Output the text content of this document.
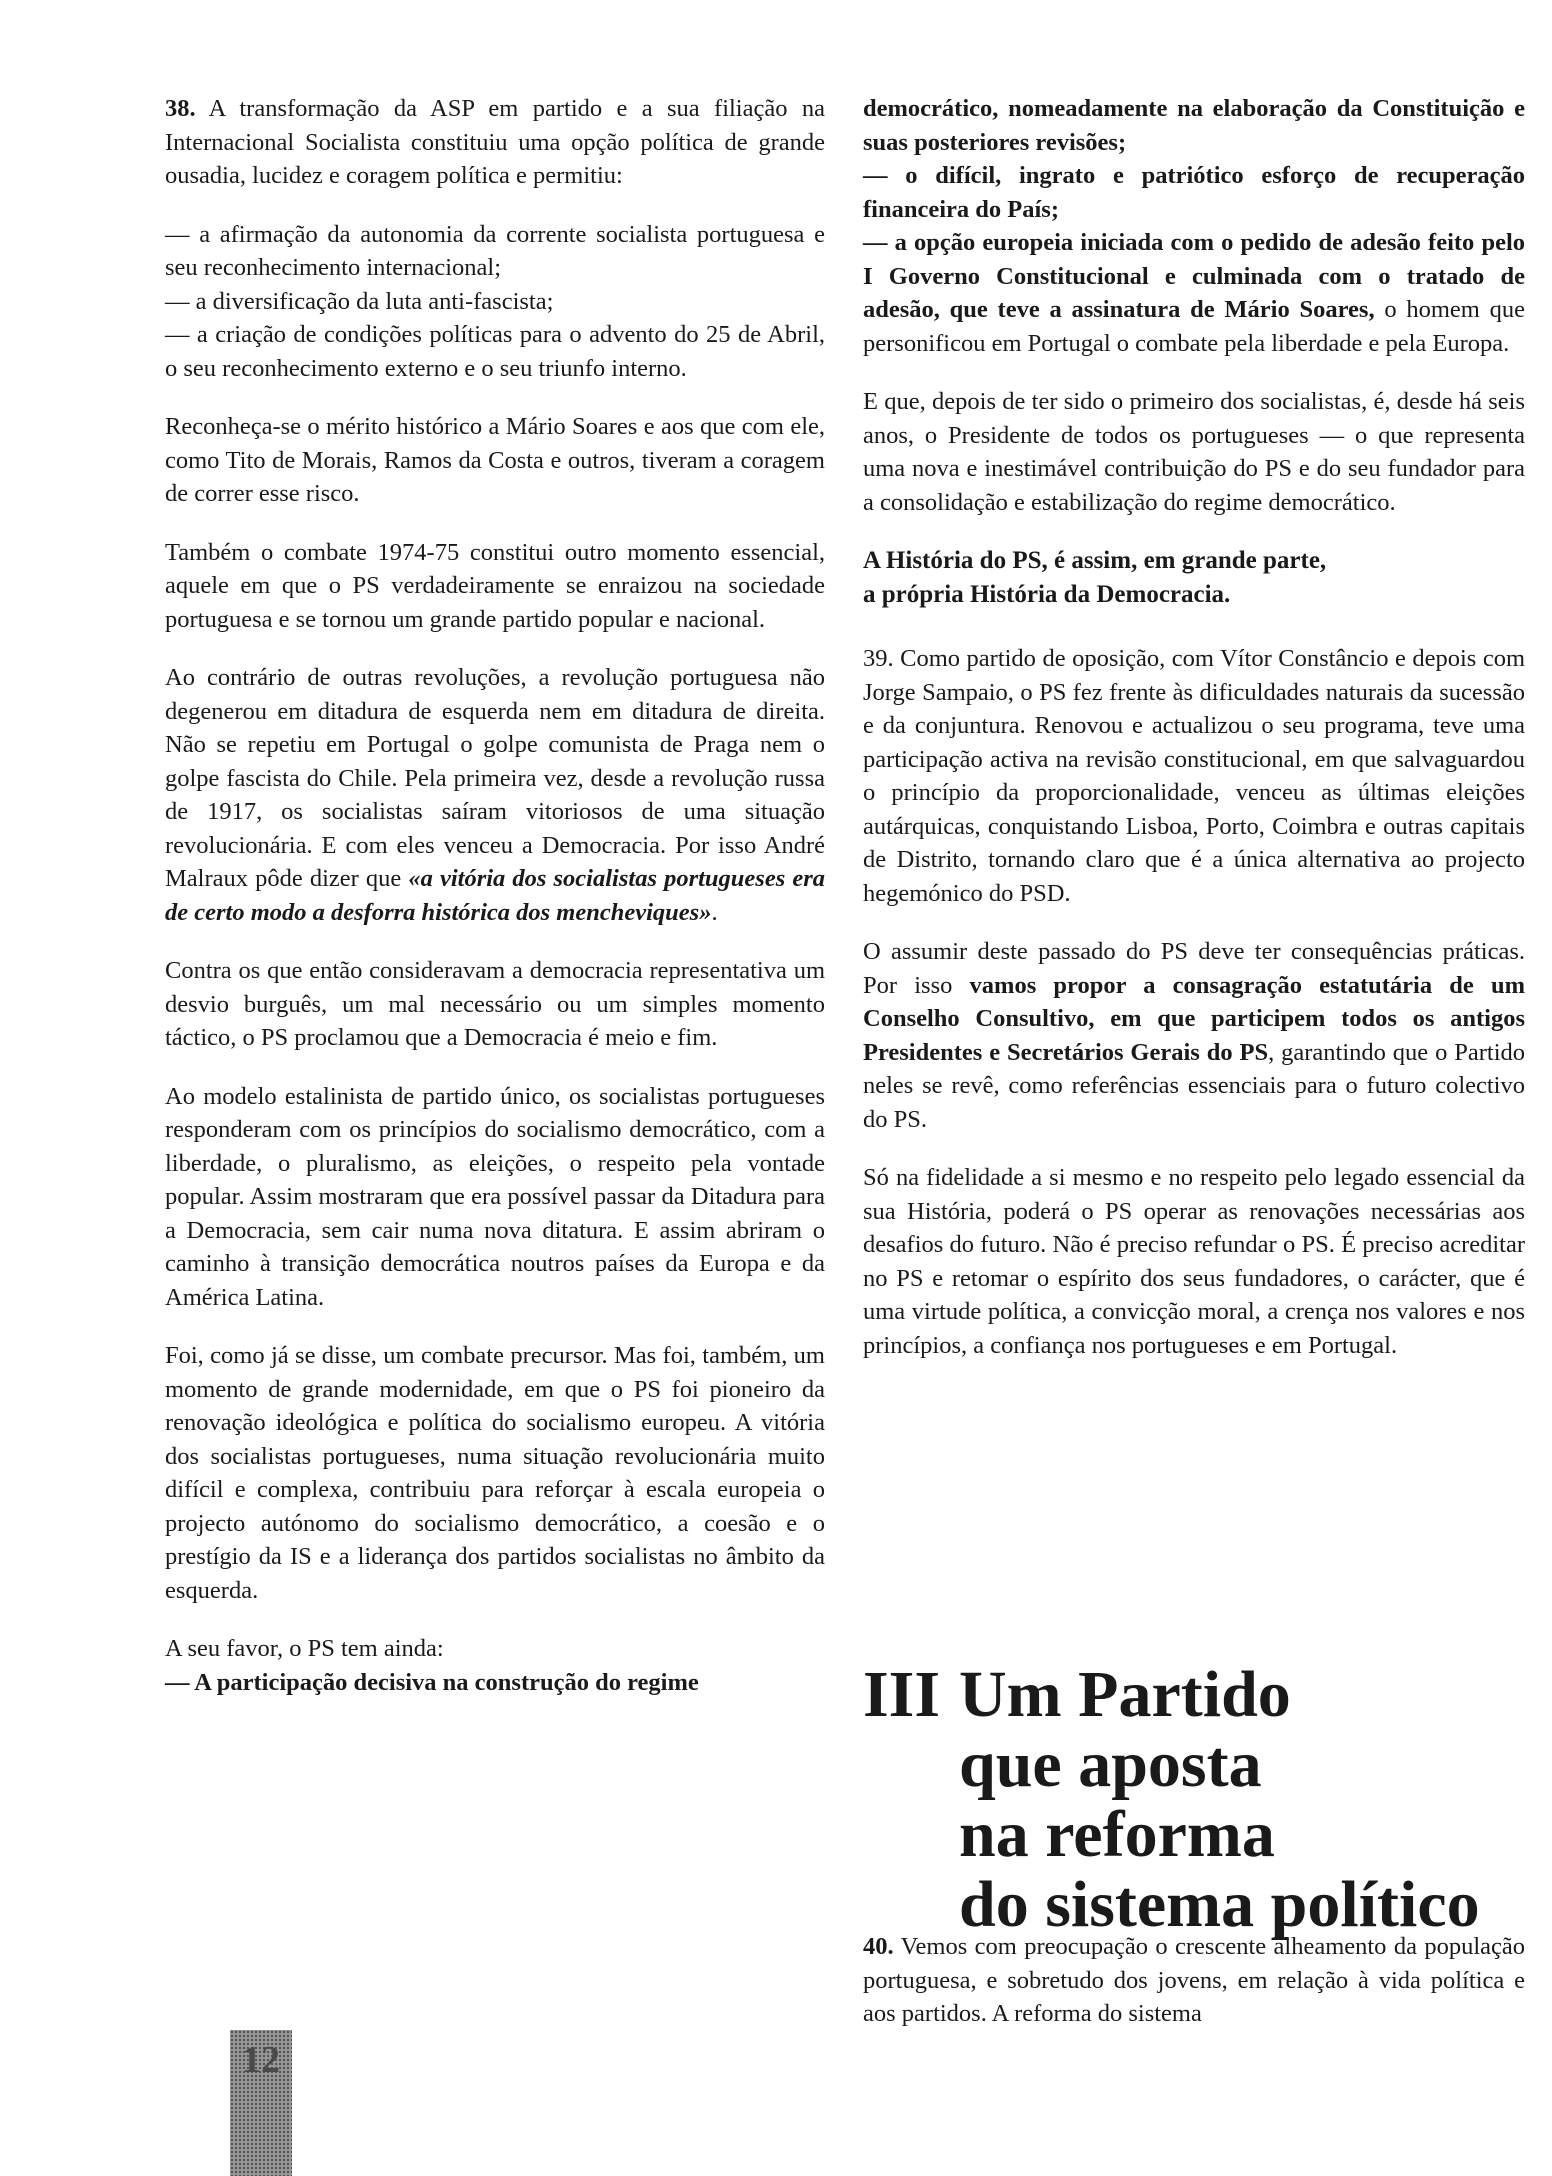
38. A transformação da ASP em partido e a sua filiação na Internacional Socialista constituiu uma opção política de grande ousadia, lucidez e coragem política e permitiu:

— a afirmação da autonomia da corrente socialista portuguesa e seu reconhecimento internacional;

— a diversificação da luta anti-fascista;

— a criação de condições políticas para o advento do 25 de Abril, o seu reconhecimento externo e o seu triunfo interno.

Reconheça-se o mérito histórico a Mário Soares e aos que com ele, como Tito de Morais, Ramos da Costa e outros, tiveram a coragem de correr esse risco.

Também o combate 1974-75 constitui outro momento essencial, aquele em que o PS verdadeiramente se enraizou na sociedade portuguesa e se tornou um grande partido popular e nacional.

Ao contrário de outras revoluções, a revolução portuguesa não degenerou em ditadura de esquerda nem em ditadura de direita. Não se repetiu em Portugal o golpe comunista de Praga nem o golpe fascista do Chile. Pela primeira vez, desde a revolução russa de 1917, os socialistas saíram vitoriosos de uma situação revolucionária. E com eles venceu a Democracia. Por isso André Malraux pôde dizer que «a vitória dos socialistas portugueses era de certo modo a desforra histórica dos mencheviques».

Contra os que então consideravam a democracia representativa um desvio burguês, um mal necessário ou um simples momento táctico, o PS proclamou que a Democracia é meio e fim.

Ao modelo estalinista de partido único, os socialistas portugueses responderam com os princípios do socialismo democrático, com a liberdade, o pluralismo, as eleições, o respeito pela vontade popular. Assim mostraram que era possível passar da Ditadura para a Democracia, sem cair numa nova ditatura. E assim abriram o caminho à transição democrática noutros países da Europa e da América Latina.

Foi, como já se disse, um combate precursor. Mas foi, também, um momento de grande modernidade, em que o PS foi pioneiro da renovação ideológica e política do socialismo europeu. A vitória dos socialistas portugueses, numa situação revolucionária muito difícil e complexa, contribuiu para reforçar à escala europeia o projecto autónomo do socialismo democrático, a coesão e o prestígio da IS e a liderança dos partidos socialistas no âmbito da esquerda.

A seu favor, o PS tem ainda:

— A participação decisiva na construção do regime

democrático, nomeadamente na elaboração da Constituição e suas posteriores revisões;

— o difícil, ingrato e patriótico esforço de recuperação financeira do País;

— a opção europeia iniciada com o pedido de adesão feito pelo I Governo Constitucional e culminada com o tratado de adesão, que teve a assinatura de Mário Soares, o homem que personificou em Portugal o combate pela liberdade e pela Europa.

E que, depois de ter sido o primeiro dos socialistas, é, desde há seis anos, o Presidente de todos os portugueses — o que representa uma nova e inestimável contribuição do PS e do seu fundador para a consolidação e estabilização do regime democrático.

A História do PS, é assim, em grande parte,
a própria História da Democracia.

39. Como partido de oposição, com Vítor Constâncio e depois com Jorge Sampaio, o PS fez frente às dificuldades naturais da sucessão e da conjuntura. Renovou e actualizou o seu programa, teve uma participação activa na revisão constitucional, em que salvaguardou o princípio da proporcionalidade, venceu as últimas eleições autárquicas, conquistando Lisboa, Porto, Coimbra e outras capitais de Distrito, tornando claro que é a única alternativa ao projecto hegemónico do PSD.

O assumir deste passado do PS deve ter consequências práticas. Por isso vamos propor a consagração estatutária de um Conselho Consultivo, em que participem todos os antigos Presidentes e Secretários Gerais do PS, garantindo que o Partido neles se revê, como referências essenciais para o futuro colectivo do PS.

Só na fidelidade a si mesmo e no respeito pelo legado essencial da sua História, poderá o PS operar as renovações necessárias aos desafios do futuro. Não é preciso refundar o PS. É preciso acreditar no PS e retomar o espírito dos seus fundadores, o carácter, que é uma virtude política, a convicção moral, a crença nos valores e nos princípios, a confiança nos portugueses e em Portugal.

III Um Partido
que aposta
na reforma
do sistema político

40. Vemos com preocupação o crescente alheamento da população portuguesa, e sobretudo dos jovens, em relação à vida política e aos partidos. A reforma do sistema

12
